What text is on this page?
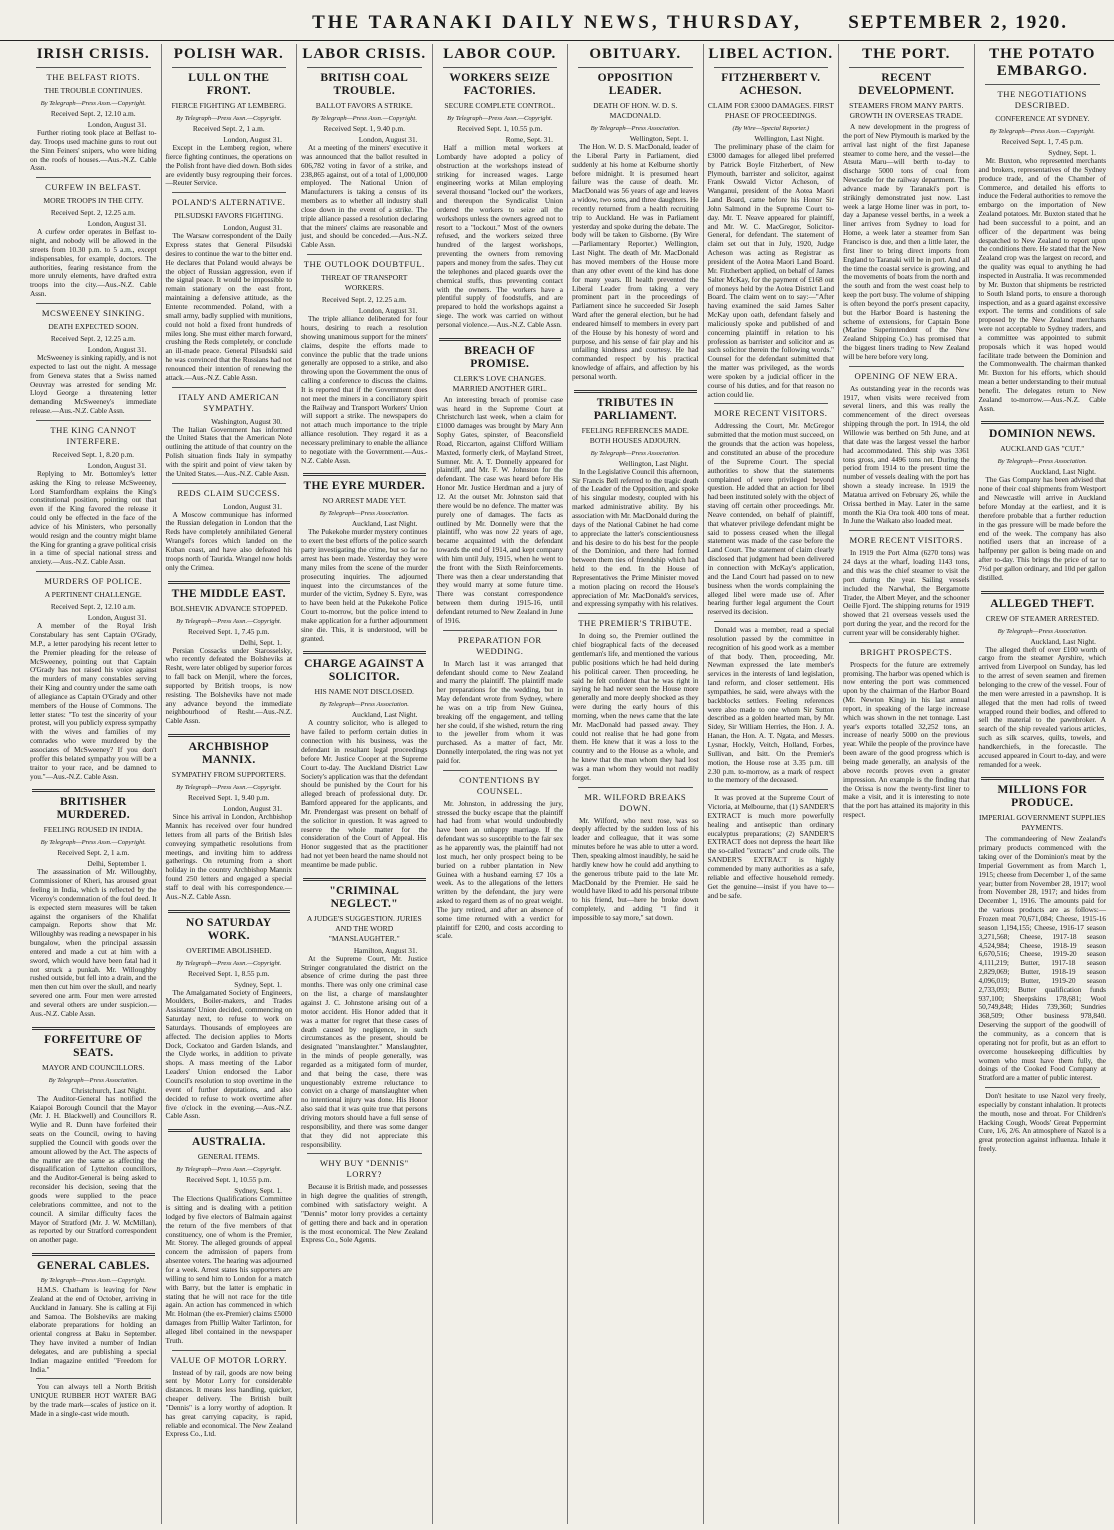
THE TARANAKI DAILY NEWS, THURSDAY,	SEPTEMBER 2, 1920.
IRISH CRISIS.
THE BELFAST RIOTS.
THE TROUBLE CONTINUES.
By Telegraph—Press Assn.—Copyright.
Received Sept. 2, 12.10 a.m.
London, August 31.
Further rioting took place at Belfast to-day. Troops used machine guns to rout out the Sinn Feiners' snipers, who were hiding on the roofs of houses.—Aus.-N.Z. Cable Assn.
CURFEW IN BELFAST.
MORE TROOPS IN THE CITY.
Received Sept. 2, 12.25 a.m.
London, August 31.
A curfew order operates in Belfast to-night, and nobody will be allowed in the streets from 10.30 p.m. to 5 a.m., except indispensables, for example, doctors. The authorities, fearing resistance from the more unruly elements, have drafted extra troops into the city.—Aus.-N.Z. Cable Assn.
MCSWEENEY SINKING.
DEATH EXPECTED SOON.
Received Sept. 2, 12.25 a.m.
London, August 31.
McSweeney is sinking rapidly, and is not expected to last out the night. A message from Geneva states that a Swiss named Oeuvray was arrested for sending Mr. Lloyd George a threatening letter demanding McSweeney's immediate release.—Aus.-N.Z. Cable Assn.
THE KING CANNOT INTERFERE.
Received Sept. 1, 8.20 p.m.
London, August 31.
Replying to Mr. Bottomley's letter asking the King to release McSweeney, Lord Stamfordham explains the King's constitutional position, pointing out that even if the King favored the release it could only be effected in the face of the advice of his Ministers, who personally would resign and the country might blame the King for granting a grave political crisis in a time of special national stress and anxiety.—Aus.-N.Z. Cable Assn.
MURDERS OF POLICE.
A PERTINENT CHALLENGE.
Received Sept. 2, 12.10 a.m.
London, August 31.
A member of the Royal Irish Constabulary has sent Captain O'Grady, M.P., a letter parodying his recent letter to the Premier pleading for the release of McSweeney, pointing out that Captain O'Grady has not raised his voice against the murders of many constables serving their King and country under the same oath of allegiance as Captain O'Grady and other members of the House of Commons. The letter states: "To test the sincerity of your protest, will you publicly express sympathy with the wives and families of my comrades who were murdered by the associates of McSweeney? If you don't proffer this belated sympathy you will be a traitor to your race, and be damned to you."—Aus.-N.Z. Cable Assn.
BRITISHER MURDERED.
FEELING ROUSED IN INDIA.
By Telegraph—Press Assn.—Copyright.
Received Sept. 2, 1 a.m.
Delhi, September 1.
The assassination of Mr. Willoughby, Commissioner of Kheri, has aroused great feeling in India, which is reflected by the Viceroy's condemnation of the foul deed. It is expected stern measures will be taken against the organisers of the Khalifat campaign. Reports show that Mr. Willoughby was reading a newspaper in his bungalow, when the principal assassin entered and made a cut at him with a sword, which would have been fatal had it not struck a punkah. Mr. Willoughby rushed outside, but fell into a drain, and the men then cut him over the skull, and nearly severed one arm. Four men were arrested and several others are under suspicion.—Aus.-N.Z. Cable Assn.
FORFEITURE OF SEATS.
MAYOR AND COUNCILLORS.
By Telegraph—Press Association.
Christchurch, Last Night.
The Auditor-General has notified the Kaiapoi Borough Council that the Mayor (Mr. J. H. Blackwell) and Councillors R. Wylie and R. Dunn have forfeited their seats on the Council, owing to having supplied the Council with goods over the amount allowed by the Act. The aspects of the matter are the same as affecting the disqualification of Lyttelton councillors, and the Auditor-General is being asked to reconsider his decision, seeing that the goods were supplied to the peace celebrations committee, and not to the council. A similar difficulty faces the Mayor of Stratford (Mr. J. W. McMillan), as reported by our Stratford correspondent on another page.
GENERAL CABLES.
By Telegraph—Press Assn.—Copyright.
H.M.S. Chatham is leaving for New Zealand at the end of October, arriving in Auckland in January. She is calling at Fiji and Samoa. The Bolsheviks are making elaborate preparations for holding an oriental congress at Baku in September. They have invited a number of Indian delegates, and are publishing a special Indian magazine entitled "Freedom for India."
You can always tell a North British UNIQUE RUBBER HOT WATER BAG by the trade mark—scales of justice on it. Made in a single-cast wide mouth.
POLISH WAR.
LULL ON THE FRONT.
FIERCE FIGHTING AT LEMBERG.
By Telegraph—Press Assn.—Copyright.
Received Sept. 2, 1 a.m.
London, August 31.
Except in the Lemberg region, where fierce fighting continues, the operations on the Polish front have died down. Both sides are evidently busy regrouping their forces.—Reuter Service.
POLAND'S ALTERNATIVE.
PILSUDSKI FAVORS FIGHTING.
London, August 31.
The Warsaw correspondent of the Daily Express states that General Pilsudski desires to continue the war to the bitter end. He declares that Poland would always be the object of Russian aggression, even if the signal peace. It would be impossible to remain stationary on the east front, maintaining a defensive attitude, as the Entente recommended. Poland, with a small army, badly supplied with munitions, could not hold a fixed front hundreds of miles long. She must either march forward, crushing the Reds completely, or conclude an ill-made peace. General Pilsudski said he was convinced that the Russians had not renounced their intention of renewing the attack.—Aus.-N.Z. Cable Assn.
ITALY AND AMERICAN SYMPATHY.
Washington, August 30.
The Italian Government has informed the United States that the American Note outlining the attitude of that country on the Polish situation finds Italy in sympathy with the spirit and point of view taken by the United States.—Aus.-N.Z. Cable Assn.
REDS CLAIM SUCCESS.
London, August 31.
A Moscow communique has informed the Russian delegation in London that the Reds have completely annihilated General Wrangel's forces which landed on the Kuban coast, and have also defeated his troops north of Taurida. Wrangel now holds only the Crimea.
THE MIDDLE EAST.
BOLSHEVIK ADVANCE STOPPED.
By Telegraph—Press Assn.—Copyright.
Received Sept. 1, 7.45 p.m.
Delhi, Sept. 1.
Persian Cossacks under Starosselsky, who recently defeated the Bolsheviks at Resht, were later obliged by superior forces to fall back on Menjil, where the forces, supported by British troops, is now resisting. The Bolsheviks have not made any advance beyond the immediate neighbourhood of Resht.—Aus.-N.Z. Cable Assn.
ARCHBISHOP MANNIX.
SYMPATHY FROM SUPPORTERS.
By Telegraph—Press Assn.—Copyright.
Received Sept. 1, 9.40 p.m.
London, August 31.
Since his arrival in London, Archbishop Mannix has received over four hundred letters from all parts of the British Isles conveying sympathetic resolutions from meetings, and inviting him to address gatherings. On returning from a short holiday in the country Archbishop Mannix found 250 letters and engaged a special staff to deal with his correspondence.—Aus.-N.Z. Cable Assn.
NO SATURDAY WORK.
OVERTIME ABOLISHED.
By Telegraph—Press Assn.—Copyright.
Received Sept. 1, 8.55 p.m.
Sydney, Sept. 1.
The Amalgamated Society of Engineers, Moulders, Boiler-makers, and Trades Assistants' Union decided, commencing on Saturday next, to refuse to work on Saturdays. Thousands of employees are affected. The decision applies to Morts Dock, Cockatoo and Garden Islands, and the Clyde works, in addition to private shops. A mass meeting of the Labor Leaders' Union endorsed the Labor Council's resolution to stop overtime in the event of further deputations, and also decided to refuse to work overtime after five o'clock in the evening.—Aus.-N.Z. Cable Assn.
AUSTRALIA.
GENERAL ITEMS.
By Telegraph—Press Assn.—Copyright.
Received Sept. 1, 10.55 p.m.
Sydney, Sept. 1.
The Elections Qualifications Committee is sitting and is dealing with a petition lodged by five electors of Balmain against the return of the five members of that constituency, one of whom is the Premier, Mr. Storey. The alleged grounds of appeal concern the admission of papers from absentee voters. The hearing was adjourned for a week. Arrest states his supporters are willing to send him to London for a match with Barry, but the latter is emphatic in stating that he will not race for the title again. An action has commenced in which Mr. Holman (the ex-Premier) claims £5000 damages from Phillip Walter Tarlinton, for alleged libel contained in the newspaper Truth.
VALUE OF MOTOR LORRY.
Instead of by rail, goods are now being sent by Motor Lorry for considerable distances. It means less handling, quicker, cheaper delivery. The British built "Dennis" is a lorry worthy of adoption. It has great carrying capacity, is rapid, reliable and economical. The New Zealand Express Co., Ltd.
LABOR CRISIS.
BRITISH COAL TROUBLE.
BALLOT FAVORS A STRIKE.
By Telegraph—Press Assn.—Copyright.
Received Sept. 1, 9.40 p.m.
London, August 31.
At a meeting of the miners' executive it was announced that the ballot resulted in 606,782 voting in favor of a strike, and 238,865 against, out of a total of 1,000,000 employed. The National Union of Manufacturers is taking a census of its members as to whether all industry shall close down in the event of a strike. The triple alliance passed a resolution declaring that the miners' claims are reasonable and just, and should be conceded.—Aus.-N.Z. Cable Assn.
THE OUTLOOK DOUBTFUL.
THREAT OF TRANSPORT WORKERS.
Received Sept. 2, 12.25 a.m.
London, August 31.
The triple alliance deliberated for four hours, desiring to reach a resolution showing unanimous support for the miners' claims, despite the efforts made to convince the public that the trade unions generally are opposed to a strike, and also throwing upon the Government the onus of calling a conference to discuss the claims. It is reported that if the Government does not meet the miners in a conciliatory spirit the Railway and Transport Workers' Union will support a strike. The newspapers do not attach much importance to the triple alliance resolution. They regard it as a necessary preliminary to enable the alliance to negotiate with the Government.—Aus.-N.Z. Cable Assn.
THE EYRE MURDER.
NO ARREST MADE YET.
By Telegraph—Press Association.
Auckland, Last Night.
The Pukekohe murder mystery continues to exert the best efforts of the police search party investigating the crime, but so far no arrest has been made. Yesterday they were many miles from the scene of the murder prosecuting inquiries. The adjourned inquest into the circumstances of the murder of the victim, Sydney S. Eyre, was to have been held at the Pukekohe Police Court to-morrow, but the police intend to make application for a further adjournment sine die. This, it is understood, will be granted.
CHARGE AGAINST A SOLICITOR.
HIS NAME NOT DISCLOSED.
By Telegraph—Press Association.
Auckland, Last Night.
A country solicitor, who is alleged to have failed to perform certain duties in connection with his business, was the defendant in resultant legal proceedings before Mr. Justice Cooper at the Supreme Court to-day. The Auckland District Law Society's application was that the defendant should be punished by the Court for his alleged breach of professional duty. Dr. Bamford appeared for the applicants, and Mr. Prendergast was present on behalf of the solicitor in question. It was agreed to reserve the whole matter for the consideration of the Court of Appeal. His Honor suggested that as the practitioner had not yet been heard the name should not meantime be made public.
"CRIMINAL NEGLECT."
A JUDGE'S SUGGESTION. JURIES AND THE WORD "MANSLAUGHTER."
Hamilton, August 31.
At the Supreme Court, Mr. Justice Stringer congratulated the district on the absence of crime during the past three months. There was only one criminal case on the list, a charge of manslaughter against J. C. Johnstone arising out of a motor accident. His Honor added that it was a matter for regret that these cases of death caused by negligence, in such circumstances as the present, should be designated "manslaughter." Manslaughter, in the minds of people generally, was regarded as a mitigated form of murder, and that being the case, there was unquestionably extreme reluctance to convict on a charge of manslaughter when no intentional injury was done. His Honor also said that it was quite true that persons driving motors should have a full sense of responsibility, and there was some danger that they did not appreciate this responsibility.
WHY BUY "DENNIS" LORRY?
Because it is British made, and possesses in high degree the qualities of strength, combined with satisfactory weight. A "Dennis" motor lorry provides a certainty of getting there and back and in operation is the most economical. The New Zealand Express Co., Sole Agents.
LABOR COUP.
WORKERS SEIZE FACTORIES.
SECURE COMPLETE CONTROL.
By Telegraph—Press Assn.—Copyright.
Received Sept. 1, 10.55 p.m.
Rome, Sept. 31.
Half a million metal workers at Lombardy have adopted a policy of obstruction at the workshops instead of striking for increased wages. Large engineering works at Milan employing several thousand "locked out" the workers, and thereupon the Syndicalist Union ordered the workers to seize all the workshops unless the owners agreed not to resort to a "lockout." Most of the owners refused, and the workers seized three hundred of the largest workshops, preventing the owners from removing papers and money from the safes. They cut the telephones and placed guards over the chemical stuffs, thus preventing contact with the owners. The workers have a plentiful supply of foodstuffs, and are prepared to hold the workshops against a siege. The work was carried on without personal violence.—Aus.-N.Z. Cable Assn.
BREACH OF PROMISE.
CLERK'S LOVE CHANGES. MARRIED ANOTHER GIRL.
An interesting breach of promise case was heard in the Supreme Court at Christchurch last week, when a claim for £1000 damages was brought by Mary Ann Sophy Gates, spinster, of Beaconsfield Road, Riccarton, against Clifford William Maxted, formerly clerk, of Mayland Street, Sumner. Mr. A. T. Donnelly appeared for plaintiff, and Mr. F. W. Johnston for the defendant. The case was heard before His Honor Mr. Justice Herdman and a jury of 12. At the outset Mr. Johnston said that there would be no defence. The matter was purely one of damages. The facts as outlined by Mr. Donnelly were that the plaintiff, who was now 22 years of age, became acquainted with the defendant towards the end of 1914, and kept company with him until July, 1915, when he went to the front with the Sixth Reinforcements. There was then a clear understanding that they would marry at some future time. There was constant correspondence between them during 1915-16, until defendant returned to New Zealand in June of 1916.
PREPARATION FOR WEDDING.
In March last it was arranged that defendant should come to New Zealand and marry the plaintiff. The plaintiff made her preparations for the wedding, but in May defendant wrote from Sydney, where he was on a trip from New Guinea, breaking off the engagement, and telling her she could, if she wished, return the ring to the jeweller from whom it was purchased. As a matter of fact, Mr. Donnelly interpolated, the ring was not yet paid for.
CONTENTIONS BY COUNSEL.
Mr. Johnston, in addressing the jury, stressed the bucky escape that the plaintiff had had from what would undoubtedly have been an unhappy marriage. If the defendant was so susceptible to the fair sex as he apparently was, the plaintiff had not lost much, her only prospect being to be buried on a rubber plantation in New Guinea with a husband earning £7 10s a week. As to the allegations of the letters written by the defendant, the jury were asked to regard them as of no great weight. The jury retired, and after an absence of some time returned with a verdict for plaintiff for £200, and costs according to scale.
OBITUARY.
OPPOSITION LEADER.
DEATH OF HON. W. D. S. MACDONALD.
By Telegraph—Press Association.
Wellington, Sept. 1.
The Hon. W. D. S. MacDonald, leader of the Liberal Party in Parliament, died suddenly at his home at Kelburne shortly before midnight. It is presumed heart failure was the cause of death. Mr. MacDonald was 56 years of age and leaves a widow, two sons, and three daughters. He recently returned from a health recruiting trip to Auckland. He was in Parliament yesterday and spoke during the debate. The body will be taken to Gisborne. (By Wire—Parliamentary Reporter.) Wellington, Last Night. The death of Mr. MacDonald has moved members of the House more than any other event of the kind has done for many years. Ill health prevented the Liberal Leader from taking a very prominent part in the proceedings of Parliament since he succeeded Sir Joseph Ward after the general election, but he had endeared himself to members in every part of the House by his honesty of word and purpose, and his sense of fair play and his unfailing kindness and courtesy. He had commanded respect by his practical knowledge of affairs, and affection by his personal worth.
TRIBUTES IN PARLIAMENT.
FEELING REFERENCES MADE. BOTH HOUSES ADJOURN.
By Telegraph—Press Association.
Wellington, Last Night.
In the Legislative Council this afternoon, Sir Francis Bell referred to the tragic death of the Leader of the Opposition, and spoke of his singular modesty, coupled with his marked administrative ability. By his association with Mr. MacDonald during the days of the National Cabinet he had come to appreciate the latter's conscientiousness and his desire to do his best for the people of the Dominion, and there had formed between them ties of friendship which had held to the end. In the House of Representatives the Prime Minister moved a motion placing on record the House's appreciation of Mr. MacDonald's services, and expressing sympathy with his relatives.
THE PREMIER'S TRIBUTE.
In doing so, the Premier outlined the chief biographical facts of the deceased gentleman's life, and mentioned the various public positions which he had held during his political career. Then proceeding, he said he felt confident that he was right in saying he had never seen the House more generally and more deeply shocked as they were during the early hours of this morning, when the news came that the late Mr. MacDonald had passed away. They could not realise that he had gone from them. He knew that it was a loss to the country and to the House as a whole, and he knew that the man whom they had lost was a man whom they would not readily forget.
MR. WILFORD BREAKS DOWN.
Mr. Wilford, who next rose, was so deeply affected by the sudden loss of his leader and colleague, that it was some minutes before he was able to utter a word. Then, speaking almost inaudibly, he said he hardly knew how he could add anything to the generous tribute paid to the late Mr. MacDonald by the Premier. He said he would have liked to add his personal tribute to his friend, but—here he broke down completely, and adding "I find it impossible to say more," sat down.
LIBEL ACTION.
FITZHERBERT V. ACHESON.
CLAIM FOR £3000 DAMAGES. FIRST PHASE OF PROCEEDINGS.
(By Wire—Special Reporter.)
Wellington, Last Night.
The preliminary phase of the claim for £3000 damages for alleged libel preferred by Patrick Boyle Fitzherbert, of New Plymouth, barrister and solicitor, against Frank Oswald Victor Acheson, of Wanganui, president of the Aotea Maori Land Board, came before his Honor Sir John Salmond in the Supreme Court to-day. Mr. T. Neave appeared for plaintiff, and Mr. W. C. MacGregor, Solicitor-General, for defendant. The statement of claim set out that in July, 1920, Judge Acheson was acting as Registrar as president of the Aotea Maori Land Board. Mr. Fitzherbert applied, on behalf of James Salter McKay, for the payment of £168 out of moneys held by the Aotea District Land Board. The claim went on to say:—"After having examined the said James Salter McKay upon oath, defendant falsely and maliciously spoke and published of and concerning plaintiff in relation to his profession as barrister and solicitor and as such solicitor therein the following words." Counsel for the defendant submitted that the matter was privileged, as the words were spoken by a judicial officer in the course of his duties, and for that reason no action could lie.
MORE RECENT VISITORS.
Addressing the Court, Mr. McGregor submitted that the motion must succeed, on the grounds that the action was hopeless, and constituted an abuse of the procedure of the Supreme Court. The special authorities to show that the statements complained of were privileged beyond question. He added that an action for libel had been instituted solely with the object of staving off certain other proceedings. Mr. Neave contended, on behalf of plaintiff, that whatever privilege defendant might be said to possess ceased when the illegal statement was made of the case before the Land Court. The statement of claim clearly disclosed that judgment had been delivered in connection with McKay's application, and the Land Court had passed on to new business when the words complaining the alleged libel were made use of. After hearing further legal argument the Court reserved its decision.
Donald was a member, read a special resolution passed by the committee in recognition of his good work as a member of that body. Then, proceeding, Mr. Newman expressed the late member's services in the interests of land legislation, land reform, and closer settlement. His sympathies, he said, were always with the backblocks settlers. Feeling references were also made to one whom Sir Sutton described as a golden hearted man, by Mr. Sidey, Sir William Herries, the Hon. J. A. Hanan, the Hon. A. T. Ngata, and Messrs. Lysnar, Hockly, Veitch, Holland, Forbes, Sullivan, and Isitt. On the Premier's motion, the House rose at 3.35 p.m. till 2.30 p.m. to-morrow, as a mark of respect to the memory of the deceased.
It was proved at the Supreme Court of Victoria, at Melbourne, that (1) SANDER'S EXTRACT is much more powerfully healing and antiseptic than ordinary eucalyptus preparations; (2) SANDER'S EXTRACT does not depress the heart like the so-called "extracts" and crude oils. The SANDER'S EXTRACT is highly commended by many authorities as a safe, reliable and effective household remedy. Get the genuine—insist if you have to—and be safe.
THE PORT.
RECENT DEVELOPMENT.
STEAMERS FROM MANY PARTS. GROWTH IN OVERSEAS TRADE.
A new development in the progress of the port of New Plymouth is marked by the arrival last night of the first Japanese steamer to come here, and the vessel—the Atsuta Maru—will berth to-day to discharge 5000 tons of coal from Newcastle for the railway department. The advance made by Taranaki's port is strikingly demonstrated just now. Last week a large Home liner was in port, to-day a Japanese vessel berths, in a week a liner arrives from Sydney to load for Home, a week later a steamer from San Francisco is due, and then a little later, the first liner to bring direct imports from England to Taranaki will be in port. And all the time the coastal service is growing, and the movements of boats from the north and the south and from the west coast help to keep the port busy. The volume of shipping is often beyond the port's present capacity, but the Harbor Board is hastening the scheme of extensions, for Captain Bone (Marine Superintendent of the New Zealand Shipping Co.) has promised that the biggest liners trading to New Zealand will be here before very long.
OPENING OF NEW ERA.
As outstanding year in the records was 1917, when visits were received from several liners, and this was really the commencement of the direct overseas shipping through the port. In 1914, the old Willowie was berthed on 5th June, and at that date was the largest vessel the harbor had accommodated. This ship was 3361 tons gross, and 4496 tons net. During the period from 1914 to the present time the number of vessels dealing with the port has shown a steady increase. In 1919 the Matatua arrived on February 26, while the Orissa berthed in May. Later in the same month the Kia Ora took 400 tons of meat. In June the Waikato also loaded meat.
MORE RECENT VISITORS.
In 1919 the Port Alma (6270 tons) was 24 days at the wharf, loading 1143 tons, and this was the chief steamer to visit the port during the year. Sailing vessels included the Narwhal, the Bergamotte Trader, the Albert Meyer, and the schooner Oeille Fjord. The shipping returns for 1919 showed that 21 overseas vessels used the port during the year, and the record for the current year will be considerably higher.
BRIGHT PROSPECTS.
Prospects for the future are extremely promising. The harbor was opened which is now entering the port was commenced upon by the chairman of the Harbor Board (Mr. Newton King) in his last annual report, in speaking of the large increase which was shown in the net tonnage. Last year's exports totalled 32,252 tons, an increase of nearly 5000 on the previous year. While the people of the province have been aware of the good progress which is being made generally, an analysis of the above records proves even a greater impression. An example is the finding that the Orissa is now the twenty-first liner to make a visit, and it is interesting to note that the port has attained its majority in this respect.
THE POTATO EMBARGO.
THE NEGOTIATIONS DESCRIBED.
CONFERENCE AT SYDNEY.
By Telegraph—Press Assn.—Copyright.
Received Sept. 1, 7.45 p.m.
Sydney, Sept. 1.
Mr. Buxton, who represented merchants and brokers, representatives of the Sydney produce trade, and of the Chamber of Commerce, and detailed his efforts to induce the Federal authorities to remove the embargo on the importation of New Zealand potatoes. Mr. Buxton stated that he had been successful to a point, and an officer of the department was being despatched to New Zealand to report upon the conditions there. He stated that the New Zealand crop was the largest on record, and the quality was equal to anything he had inspected in Australia. It was recommended by Mr. Buxton that shipments be restricted to South Island ports, to ensure a thorough inspection, and as a guard against excessive export. The terms and conditions of sale proposed by the New Zealand merchants were not acceptable to Sydney traders, and a committee was appointed to submit proposals which it was hoped would facilitate trade between the Dominion and the Commonwealth. The chairman thanked Mr. Buxton for his efforts, which should mean a better understanding to their mutual benefit. The delegates return to New Zealand to-morrow.—Aus.-N.Z. Cable Assn.
DOMINION NEWS.
AUCKLAND GAS "CUT."
By Telegraph—Press Association.
Auckland, Last Night.
The Gas Company has been advised that none of their coal shipments from Westport and Newcastle will arrive in Auckland before Monday at the earliest, and it is therefore probable that a further reduction in the gas pressure will be made before the end of the week. The company has also notified users that an increase of a halfpenny per gallon is being made on and after to-day. This brings the price of tar to 7½d per gallon ordinary, and 10d per gallon distilled.
ALLEGED THEFT.
CREW OF STEAMER ARRESTED.
By Telegraph—Press Association.
Auckland, Last Night.
The alleged theft of over £100 worth of cargo from the steamer Ayrshire, which arrived from Liverpool on Sunday, has led to the arrest of seven seamen and firemen belonging to the crew of the vessel. Four of the men were arrested in a pawnshop. It is alleged that the men had rolls of tweed wrapped round their bodies, and offered to sell the material to the pawnbroker. A search of the ship revealed various articles, such as silk scarves, quilts, towels, and handkerchiefs, in the forecastle. The accused appeared in Court to-day, and were remanded for a week.
MILLIONS FOR PRODUCE.
IMPERIAL GOVERNMENT SUPPLIES PAYMENTS.
The commandeering of New Zealand's primary products commenced with the taking over of the Dominion's meat by the Imperial Government as from March 1, 1915; cheese from December 1, of the same year; butter from November 28, 1917; wool from November 28, 1917; and hides from December 1, 1916. The amounts paid for the various products are as follows:— Frozen meat 70,671,084; Cheese, 1915-16 season 1,194,155; Cheese, 1916-17 season 3,271,568; Cheese, 1917-18 season 4,524,984; Cheese, 1918-19 season 6,670,516; Cheese, 1919-20 season 4,111,219; Butter, 1917-18 season 2,829,069; Butter, 1918-19 season 4,096,019; Butter, 1919-20 season 2,733,093; Butter qualification funds 937,100; Sheepskins 178,681; Wool 50,749,848; Hides 739,360; Sundries 368,509; Other business 978,840. Deserving the support of the goodwill of the community, as a concern that is operating not for profit, but as an effort to overcome housekeeping difficulties by women who must have them fully, the doings of the Cooked Food Company at Stratford are a matter of public interest.
Don't hesitate to use Nazol very freely, especially by constant inhalation. It protects the mouth, nose and throat. For Children's Hacking Cough, Woods' Great Peppermint Cure, 1/6, 2/6. An atmosphere of Nazol is a great protection against influenza. Inhale it freely.
